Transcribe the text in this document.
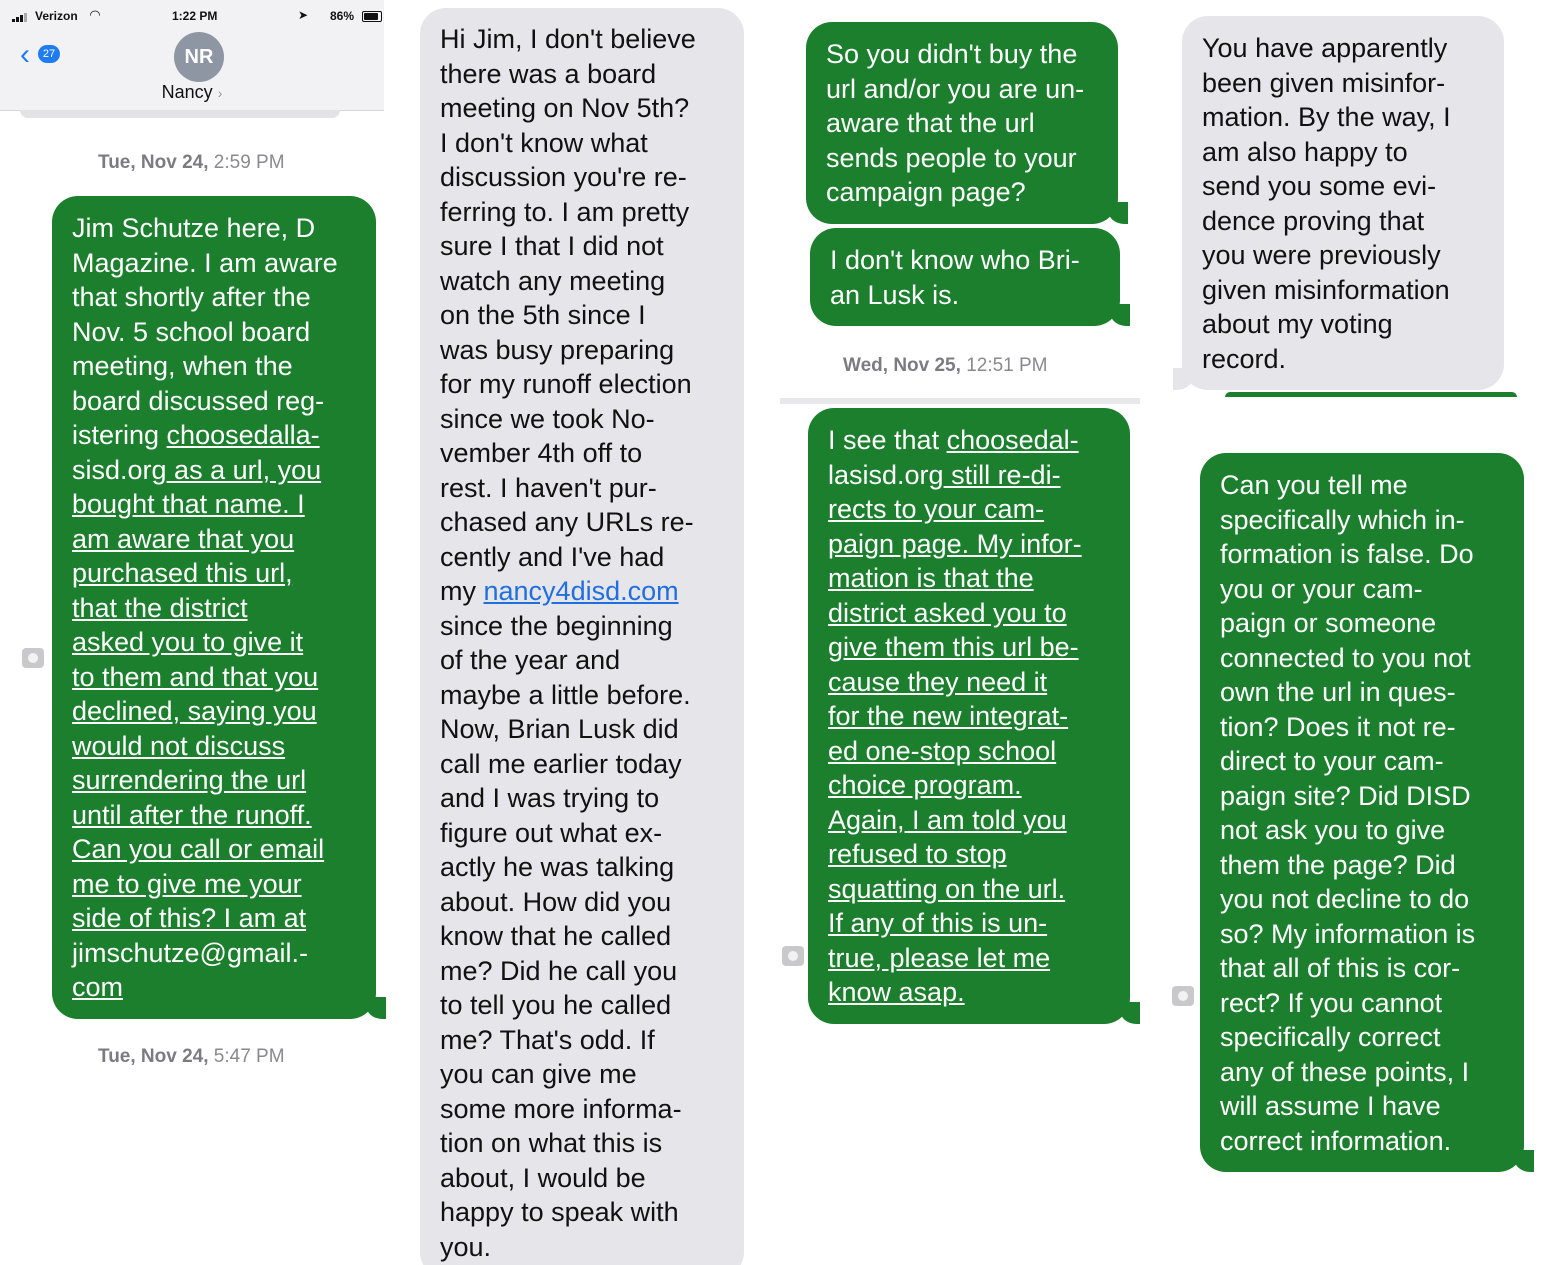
Verizon ◠	1:22 PM	➤ 86%
‹	27	NR
Nancy ›
Tue, Nov 24, 2:59 PM
Jim Schutze here, D
Magazine. I am aware
that shortly after the
Nov. 5 school board
meeting, when the
board discussed reg-
istering choosedalla-
sisd.org as a url, you
bought that name. I
am aware that you
purchased this url,
that the district
asked you to give it
to them and that you
declined, saying you
would not discuss
surrendering the url
until after the runoff.
Can you call or email
me to give me your
side of this? I am at
jimschutze@gmail.-
com
Tue, Nov 24, 5:47 PM
Hi Jim, I don't believe
there was a board
meeting on Nov 5th?
I don't know what
discussion you're re-
ferring to. I am pretty
sure I that I did not
watch any meeting
on the 5th since I
was busy preparing
for my runoff election
since we took No-
vember 4th off to
rest. I haven't pur-
chased any URLs re-
cently and I've had
my nancy4disd.com
since the beginning
of the year and
maybe a little before.
Now, Brian Lusk did
call me earlier today
and I was trying to
figure out what ex-
actly he was talking
about. How did you
know that he called
me? Did he call you
to tell you he called
me? That's odd. If
you can give me
some more informa-
tion on what this is
about, I would be
happy to speak with
you.
So you didn't buy the
url and/or you are un-
aware that the url
sends people to your
campaign page?
I don't know who Bri-
an Lusk is.
Wed, Nov 25, 12:51 PM
I see that choosedal-
lasisd.org still re-di-
rects to your cam-
paign page. My infor-
mation is that the
district asked you to
give them this url be-
cause they need it
for the new integrat-
ed one-stop school
choice program.
Again, I am told you
refused to stop
squatting on the url.
If any of this is un-
true, please let me
know asap.
You have apparently
been given misinfor-
mation. By the way, I
am also happy to
send you some evi-
dence proving that
you were previously
given misinformation
about my voting
record.
Can you tell me
specifically which in-
formation is false. Do
you or your cam-
paign or someone
connected to you not
own the url in ques-
tion? Does it not re-
direct to your cam-
paign site? Did DISD
not ask you to give
them the page? Did
you not decline to do
so? My information is
that all of this is cor-
rect? If you cannot
specifically correct
any of these points, I
will assume I have
correct information.
